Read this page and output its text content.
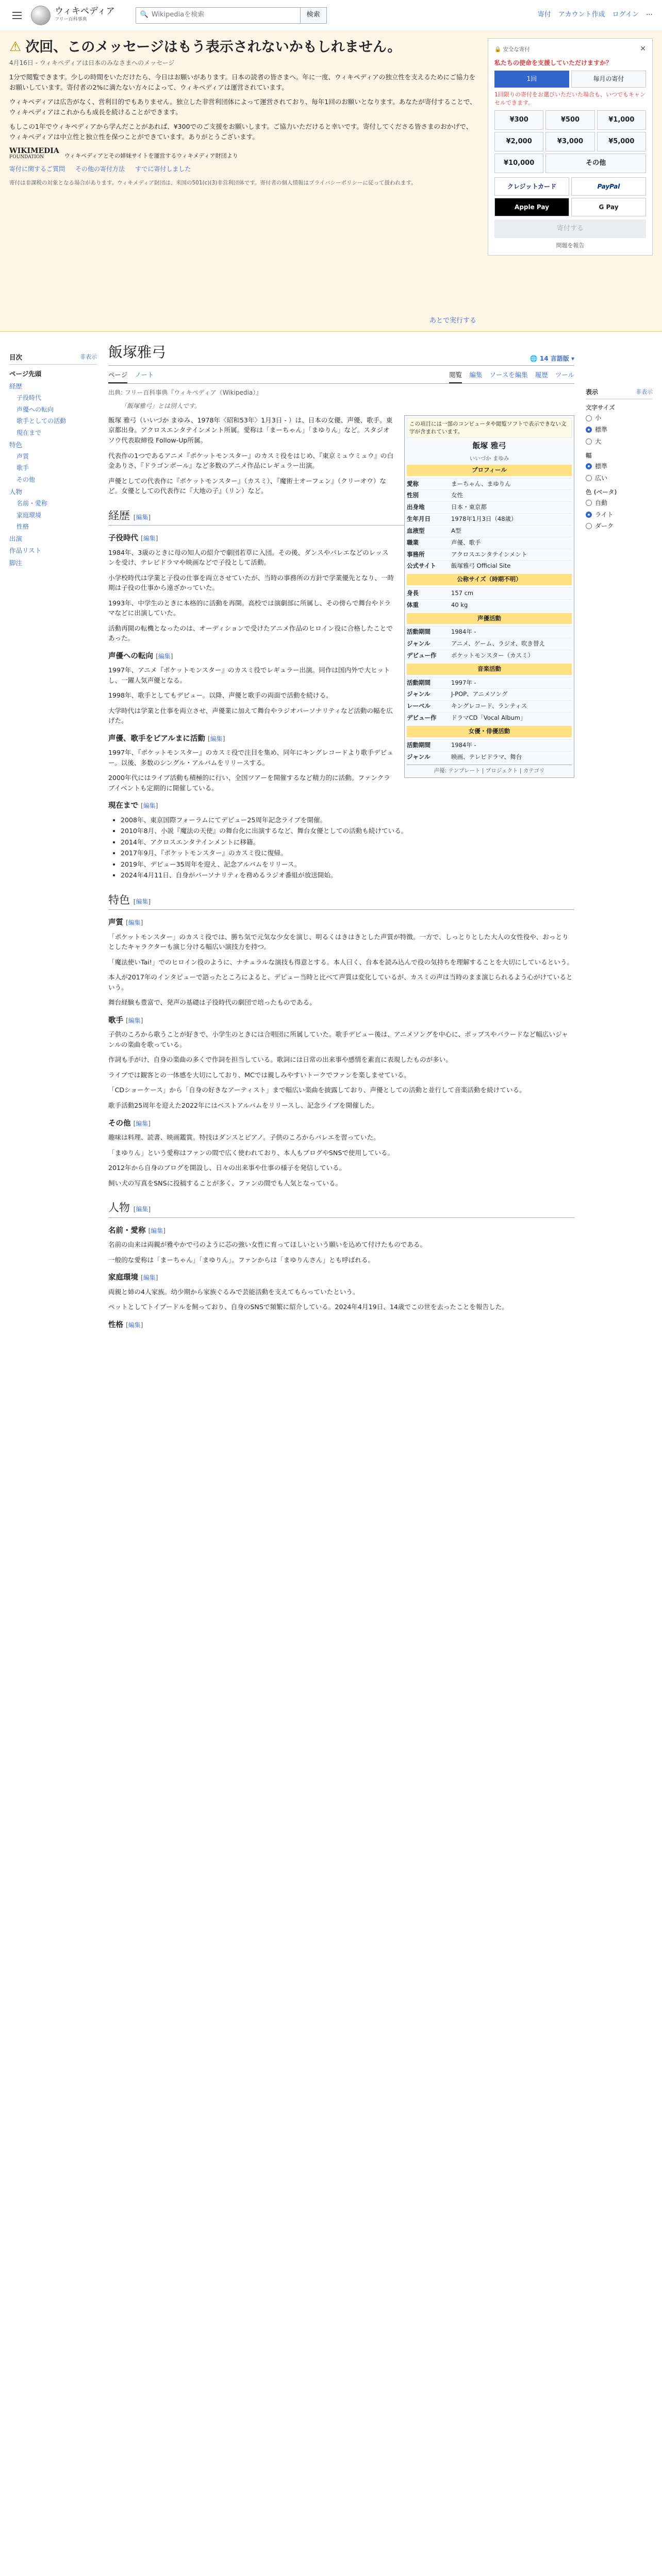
ウィキペディア
フリー百科事典
🔍 Wikipediaを検索	検索	寄付 アカウント作成 ログイン ⋯
⚠ 次回、このメッセージはもう表示されないかもしれません。
4月16日 - ウィキペディアは日本のみなさまへのメッセージ

1分で閲覧できます。少しの時間をいただけたら、今日はお願いがあります。日本の読者の皆さまへ。年に一度、ウィキペディアの独立性を支えるためにご協力をお願いしています。寄付者の2%に満たない方々によって、ウィキペディアは運営されています。

ウィキペディアは広告がなく、営利目的でもありません。独立した非営利団体によって運営されており、毎年1回のお願いとなります。あなたが寄付することで、ウィキペディアはこれからも成長を続けることができます。

もしこの1年でウィキペディアから学んだことがあれば、¥300でのご支援をお願いします。ご協力いただけると幸いです。寄付してくださる皆さまのおかげで、ウィキペディアは中立性と独立性を保つことができています。ありがとうございます。

WIKIMEDIA
FOUNDATION	ウィキペディアとその姉妹サイトを運営するウィキメディア財団より
寄付に関するご質問 その他の寄付方法 すでに寄付しました
寄付は非課税の対象となる場合があります。ウィキメディア財団は、米国の501(c)(3)非営利団体です。寄付者の個人情報はプライバシーポリシーに従って扱われます。
あとで実行する
🔒 安全な寄付	✕
私たちの使命を支援していただけますか？
1回	毎月の寄付
1回限りの寄付をお選びいただいた場合も、いつでもキャンセルできます。
¥300	¥500	¥1,000
¥2,000	¥3,000	¥5,000
¥10,000	その他
クレジットカード	PayPal
Apple Pay	G Pay
寄付する
問題を報告
目次	非表示
ページ先頭
経歴
子役時代
声優への転向
歌手としての活動
現在まで
特色
声質
歌手
その他
人物
名前・愛称
家庭環境
性格
出演
作品リスト
脚注
飯塚雅弓	🌐 14 言語版 ▾
ページ ノート	閲覧 編集 ソースを編集 履歴 ツール
出典: フリー百科事典『ウィキペディア（Wikipedia）』
「飯塚雅弓」とは別人です。
この項目には一部のコンピュータや閲覧ソフトで表示できない文字が含まれています。
飯塚 雅弓
いいづか まゆみ
プロフィール
愛称	まーちゃん、まゆりん
性別	女性
出身地	日本・東京都
生年月日	1978年1月3日（48歳）
血液型	A型
職業	声優、歌手
事務所	アクロスエンタテインメント
公式サイト	飯塚雅弓 Official Site
公称サイズ（時期不明）
身長	157 cm
体重	40 kg
声優活動
活動期間	1984年 -
ジャンル	アニメ、ゲーム、ラジオ、吹き替え
デビュー作	ポケットモンスター（カスミ）
音楽活動
活動期間	1997年 -
ジャンル	J-POP、アニメソング
レーベル	キングレコード、ランティス
デビュー作	ドラマCD「Vocal Album」
女優・俳優活動
活動期間	1984年 -
ジャンル	映画、テレビドラマ、舞台
声優: テンプレート | プロジェクト | カテゴリ

飯塚 雅弓（いいづか まゆみ、1978年〈昭和53年〉1月3日 - ）は、日本の女優、声優、歌手。東京都出身。アクロスエンタテインメント所属。愛称は「まーちゃん」「まゆりん」など。スタジオソウ代表取締役 Follow-Up所属。

代表作の1つであるアニメ『ポケットモンスター』のカスミ役をはじめ、『東京ミュウミュウ』の白金ありさ、『ドラゴンボール』など多数のアニメ作品にレギュラー出演。

声優としての代表作に『ポケットモンスター』（カスミ）、『魔術士オーフェン』（クリーオウ）など。女優としての代表作に『大地の子』（リン）など。

経歴 [編集]
子役時代 [編集]

1984年、3歳のときに母の知人の紹介で劇団若草に入団。その後、ダンスやバレエなどのレッスンを受け、テレビドラマや映画などで子役として活動。

小学校時代は学業と子役の仕事を両立させていたが、当時の事務所の方針で学業優先となり、一時期は子役の仕事から遠ざかっていた。

1993年、中学生のときに本格的に活動を再開。高校では演劇部に所属し、その傍らで舞台やドラマなどに出演していた。

活動再開の転機となったのは、オーディションで受けたアニメ作品のヒロイン役に合格したことであった。

声優への転向 [編集]

1997年、アニメ『ポケットモンスター』のカスミ役でレギュラー出演。同作は国内外で大ヒットし、一躍人気声優となる。

1998年、歌手としてもデビュー。以降、声優と歌手の両面で活動を続ける。

大学時代は学業と仕事を両立させ、声優業に加えて舞台やラジオパーソナリティなど活動の幅を広げた。

声優、歌手をピアルまに活動 [編集]

1997年、『ポケットモンスター』のカスミ役で注目を集め、同年にキングレコードより歌手デビュー。以後、多数のシングル・アルバムをリリースする。

2000年代にはライブ活動も積極的に行い、全国ツアーを開催するなど精力的に活動。ファンクラブイベントも定期的に開催している。

現在まで [編集]
• 2008年、東京国際フォーラムにてデビュー25周年記念ライブを開催。
• 2010年8月、小説『魔法の天使』の舞台化に出演するなど、舞台女優としての活動も続けている。
• 2014年、アクロスエンタテインメントに移籍。
• 2017年9月、『ポケットモンスター』のカスミ役に復帰。
• 2019年、デビュー35周年を迎え、記念アルバムをリリース。
• 2024年4月11日、自身がパーソナリティを務めるラジオ番組が放送開始。
特色 [編集]
声質 [編集]

「ポケットモンスター」のカスミ役では、勝ち気で元気な少女を演じ、明るくはきはきとした声質が特徴。一方で、しっとりとした大人の女性役や、おっとりとしたキャラクターも演じ分ける幅広い演技力を持つ。

「魔法使いTai!」でのヒロイン役のように、ナチュラルな演技も得意とする。本人曰く、台本を読み込んで役の気持ちを理解することを大切にしているという。

本人が2017年のインタビューで語ったところによると、デビュー当時と比べて声質は変化しているが、カスミの声は当時のまま演じられるよう心がけているという。

舞台経験も豊富で、発声の基礎は子役時代の劇団で培ったものである。

歌手 [編集]

子供のころから歌うことが好きで、小学生のときには合唱団に所属していた。歌手デビュー後は、アニメソングを中心に、ポップスやバラードなど幅広いジャンルの楽曲を歌っている。

作詞も手がけ、自身の楽曲の多くで作詞を担当している。歌詞には日常の出来事や感情を素直に表現したものが多い。

ライブでは観客との一体感を大切にしており、MCでは親しみやすいトークでファンを楽しませている。

「CDショーケース」から「自身の好きなアーティスト」まで幅広い楽曲を披露しており、声優としての活動と並行して音楽活動を続けている。

歌手活動25周年を迎えた2022年にはベストアルバムをリリースし、記念ライブを開催した。

その他 [編集]

趣味は料理、読書、映画鑑賞。特技はダンスとピアノ。子供のころからバレエを習っていた。

「まゆりん」という愛称はファンの間で広く使われており、本人もブログやSNSで使用している。

2012年から自身のブログを開設し、日々の出来事や仕事の様子を発信している。

飼い犬の写真をSNSに投稿することが多く、ファンの間でも人気となっている。

人物 [編集]
名前・愛称 [編集]

名前の由来は両親が雅やかで弓のように芯の強い女性に育ってほしいという願いを込めて付けたものである。

一般的な愛称は「まーちゃん」「まゆりん」。ファンからは「まゆりんさん」とも呼ばれる。

家庭環境 [編集]

両親と姉の4人家族。幼少期から家族ぐるみで芸能活動を支えてもらっていたという。

ペットとしてトイプードルを飼っており、自身のSNSで頻繁に紹介している。2024年4月19日、14歳でこの世を去ったことを報告した。

性格 [編集]
表示	非表示
文字サイズ
小
標準
大
幅
標準
広い
色 (ベータ)
自動
ライト
ダーク
